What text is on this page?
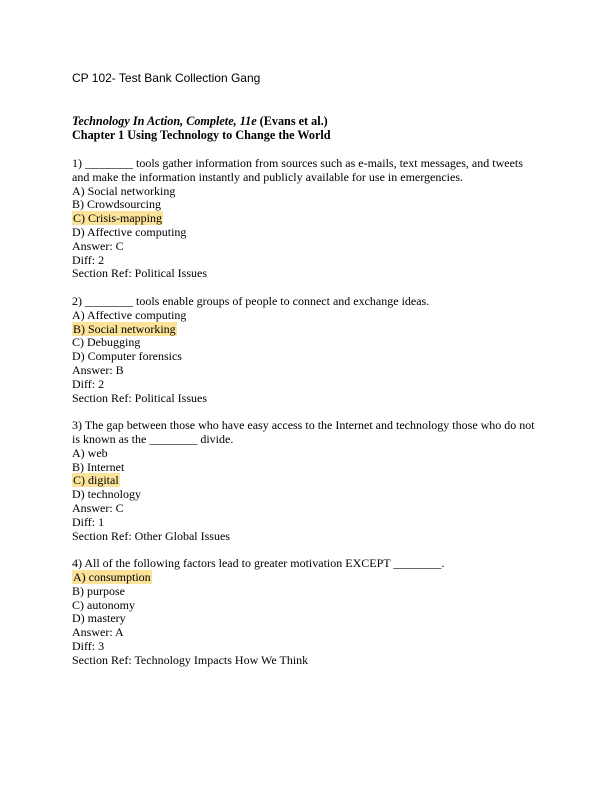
CP 102- Test Bank Collection Gang
Technology In Action, Complete, 11e (Evans et al.)
Chapter 1 Using Technology to Change the World
1) ________ tools gather information from sources such as e-mails, text messages, and tweets
and make the information instantly and publicly available for use in emergencies.
A) Social networking
B) Crowdsourcing
C) Crisis-mapping
D) Affective computing
Answer: C
Diff: 2
Section Ref: Political Issues
2) ________ tools enable groups of people to connect and exchange ideas.
A) Affective computing
B) Social networking
C) Debugging
D) Computer forensics
Answer: B
Diff: 2
Section Ref: Political Issues
3) The gap between those who have easy access to the Internet and technology those who do not
is known as the ________ divide.
A) web
B) Internet
C) digital
D) technology
Answer: C
Diff: 1
Section Ref: Other Global Issues
4) All of the following factors lead to greater motivation EXCEPT ________.
A) consumption
B) purpose
C) autonomy
D) mastery
Answer: A
Diff: 3
Section Ref: Technology Impacts How We Think
